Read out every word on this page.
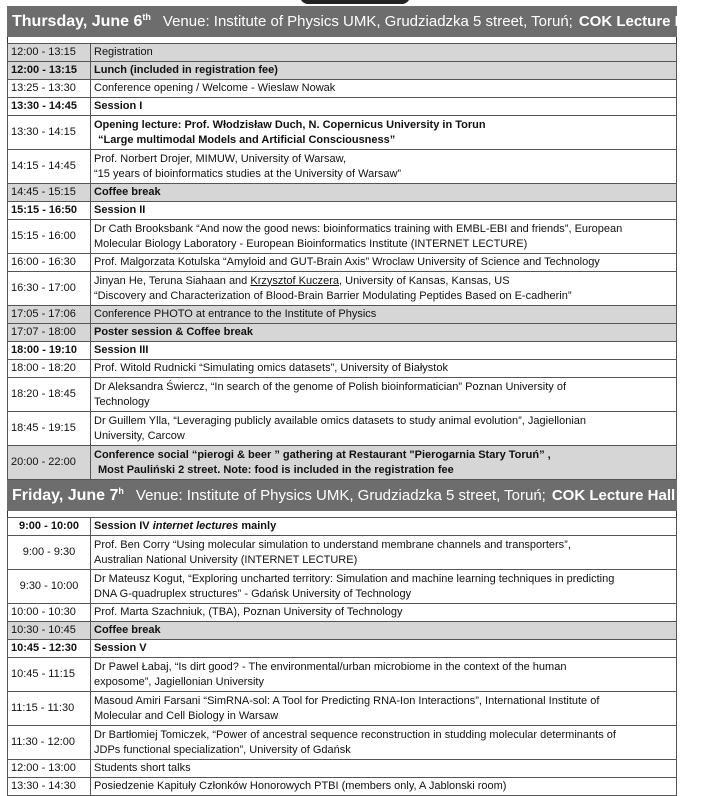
Thursday, June 6th Venue: Institute of Physics UMK, Grudziadzka 5 street, Toruń; COK Lecture Hall
12:00 - 13:15	Registration
12:00 - 13:15	Lunch (included in registration fee)
13:25 - 13:30	Conference opening / Welcome - Wieslaw Nowak
13:30 - 14:45	Session I
13:30 - 14:15	Opening lecture: Prof. Włodzisław Duch, N. Copernicus University in Torun
“Large multimodal Models and Artificial Consciousness”
14:15 - 14:45	Prof. Norbert Drojer, MIMUW, University of Warsaw,
“15 years of bioinformatics studies at the University of Warsaw”
14:45 - 15:15	Coffee break
15:15 - 16:50	Session II
15:15 - 16:00	Dr Cath Brooksbank “And now the good news: bioinformatics training with EMBL-EBI and friends”, European
Molecular Biology Laboratory - European Bioinformatics Institute (INTERNET LECTURE)
16:00 - 16:30	Prof. Malgorzata Kotulska “Amyloid and GUT-Brain Axis” Wroclaw University of Science and Technology
16:30 - 17:00	Jinyan He, Teruna Siahaan and Krzysztof Kuczera, University of Kansas, Kansas, US
“Discovery and Characterization of Blood-Brain Barrier Modulating Peptides Based on E-cadherin”
17:05 - 17:06	Conference PHOTO at entrance to the Institute of Physics
17:07 - 18:00	Poster session & Coffee break
18:00 - 19:10	Session III
18:00 - 18:20	Prof. Witold Rudnicki “Simulating omics datasets”, University of Białystok
18:20 - 18:45	Dr Aleksandra Świercz, “In search of the genome of Polish bioinformatician” Poznan University of
Technology
18:45 - 19:15	Dr Guillem Ylla, “Leveraging publicly available omics datasets to study animal evolution”, Jagiellonian
University, Carcow
20:00 - 22:00	Conference social “pierogi & beer ” gathering at Restaurant "Pierogarnia Stary Toruń” ,
Most Pauliński 2 street. Note: food is included in the registration fee
Friday, June 7$^h$ Venue: Institute of Physics UMK, Grudziadzka 5 street, Toruń; COK Lecture Hall
9:00 - 10:00	Session IV internet lectures mainly
9:00 - 9:30	Prof. Ben Corry “Using molecular simulation to understand membrane channels and transporters”,
Australian National University (INTERNET LECTURE)
9:30 - 10:00	Dr Mateusz Kogut, “Exploring uncharted territory: Simulation and machine learning techniques in predicting
DNA G-quadruplex structures” - Gdańsk University of Technology
10:00 - 10:30	Prof. Marta Szachniuk, (TBA), Poznan University of Technology
10:30 - 10:45	Coffee break
10:45 - 12:30	Session V
10:45 - 11:15	Dr Pawel Łabaj, “Is dirt good? - The environmental/urban microbiome in the context of the human
exposome”, Jagiellonian University
11:15 - 11:30	Masoud Amiri Farsani “SimRNA-sol: A Tool for Predicting RNA-Ion Interactions”, International Institute of
Molecular and Cell Biology in Warsaw
11:30 - 12:00	Dr Bartłomiej Tomiczek, “Power of ancestral sequence reconstruction in studding molecular determinants of
JDPs functional specialization”, University of Gdańsk
12:00 - 13:00	Students short talks
13:30 - 14:30	Posiedzenie Kapituły Członków Honorowych PTBI (members only, A Jablonski room)
